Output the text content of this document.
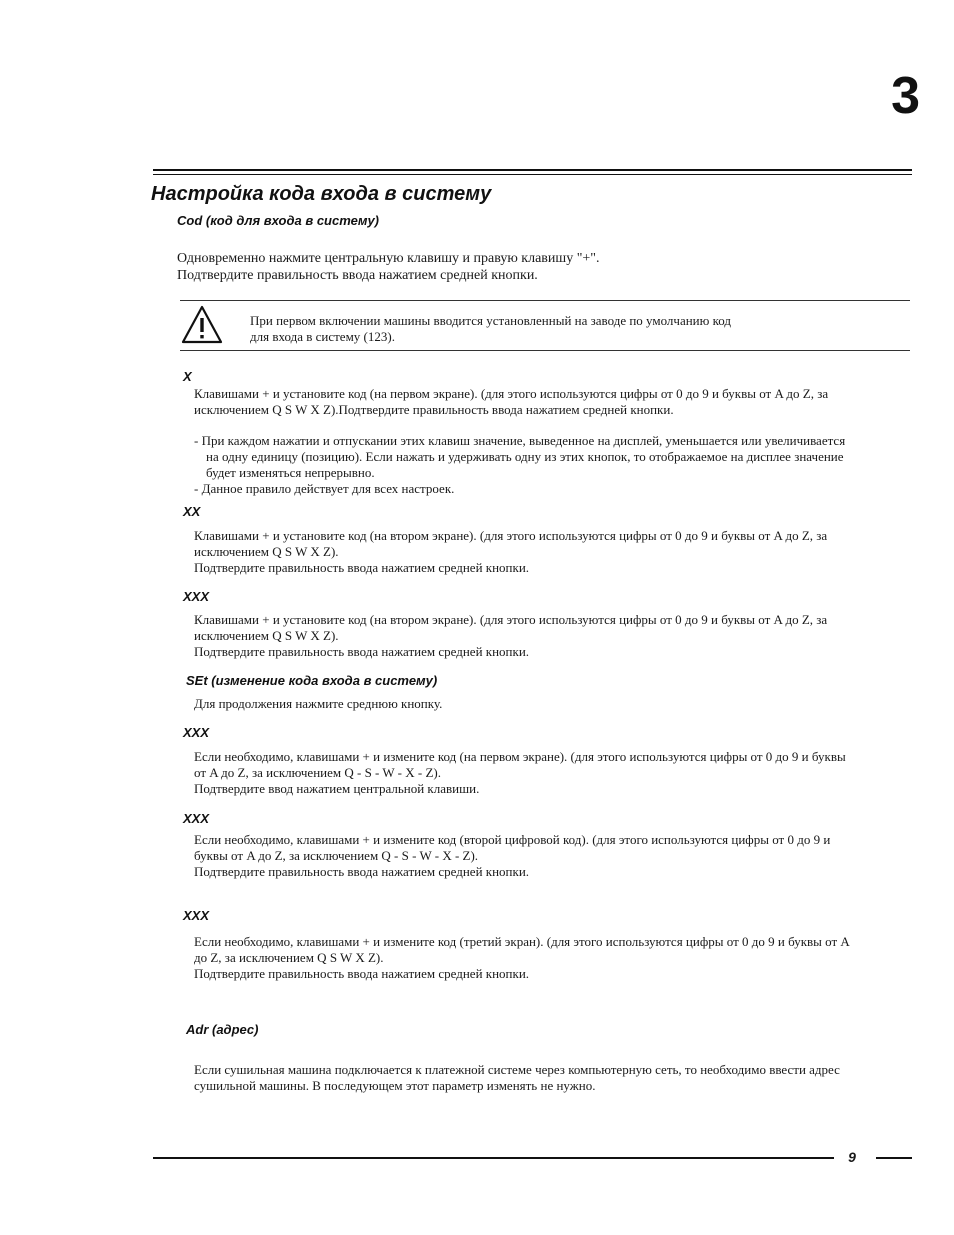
3
Настройка кода входа в систему
Cod (код для входа в систему)
Одновременно нажмите центральную клавишу и правую клавишу "+".
Подтвердите правильность ввода нажатием средней кнопки.
При первом включении машины вводится установленный на заводе по умолчанию код
для входа в систему (123).
X
Клавишами + и установите код (на первом экране). (для этого используются цифры от 0 до 9 и буквы от A до Z, за
исключением Q S W X Z).Подтвердите правильность ввода нажатием средней кнопки.
- При каждом нажатии и отпускании этих клавиш значение, выведенное на дисплей, уменьшается или увеличивается
на одну единицу (позицию). Если нажать и удерживать одну из этих кнопок, то отображаемое на дисплее значение
будет изменяться непрерывно.
- Данное правило действует для всех настроек.
XX
Клавишами + и установите код (на втором экране). (для этого используются цифры от 0 до 9 и буквы от A до Z, за
исключением Q S W X Z).
Подтвердите правильность ввода нажатием средней кнопки.
XXX
Клавишами + и установите код (на втором экране). (для этого используются цифры от 0 до 9 и буквы от A до Z, за
исключением Q S W X Z).
Подтвердите правильность ввода нажатием средней кнопки.
SEt (изменение кода входа в систему)
Для продолжения нажмите среднюю кнопку.
XXX
Если необходимо, клавишами + и измените код (на первом экране). (для этого используются цифры от 0 до 9 и буквы
от A до Z, за исключением Q - S - W - X - Z).
Подтвердите ввод нажатием центральной клавиши.
XXX
Если необходимо, клавишами + и измените код (второй цифровой код). (для этого используются цифры от 0 до 9 и
буквы от A до Z, за исключением Q - S - W - X - Z).
Подтвердите правильность ввода нажатием средней кнопки.
XXX
Если необходимо, клавишами + и измените код (третий экран). (для этого используются цифры от 0 до 9 и буквы от A
до Z, за исключением Q S W X Z).
Подтвердите правильность ввода нажатием средней кнопки.
Adr (адрес)
Если сушильная машина подключается к платежной системе через компьютерную сеть, то необходимо ввести адрес
сушильной машины. В последующем этот параметр изменять не нужно.
9
